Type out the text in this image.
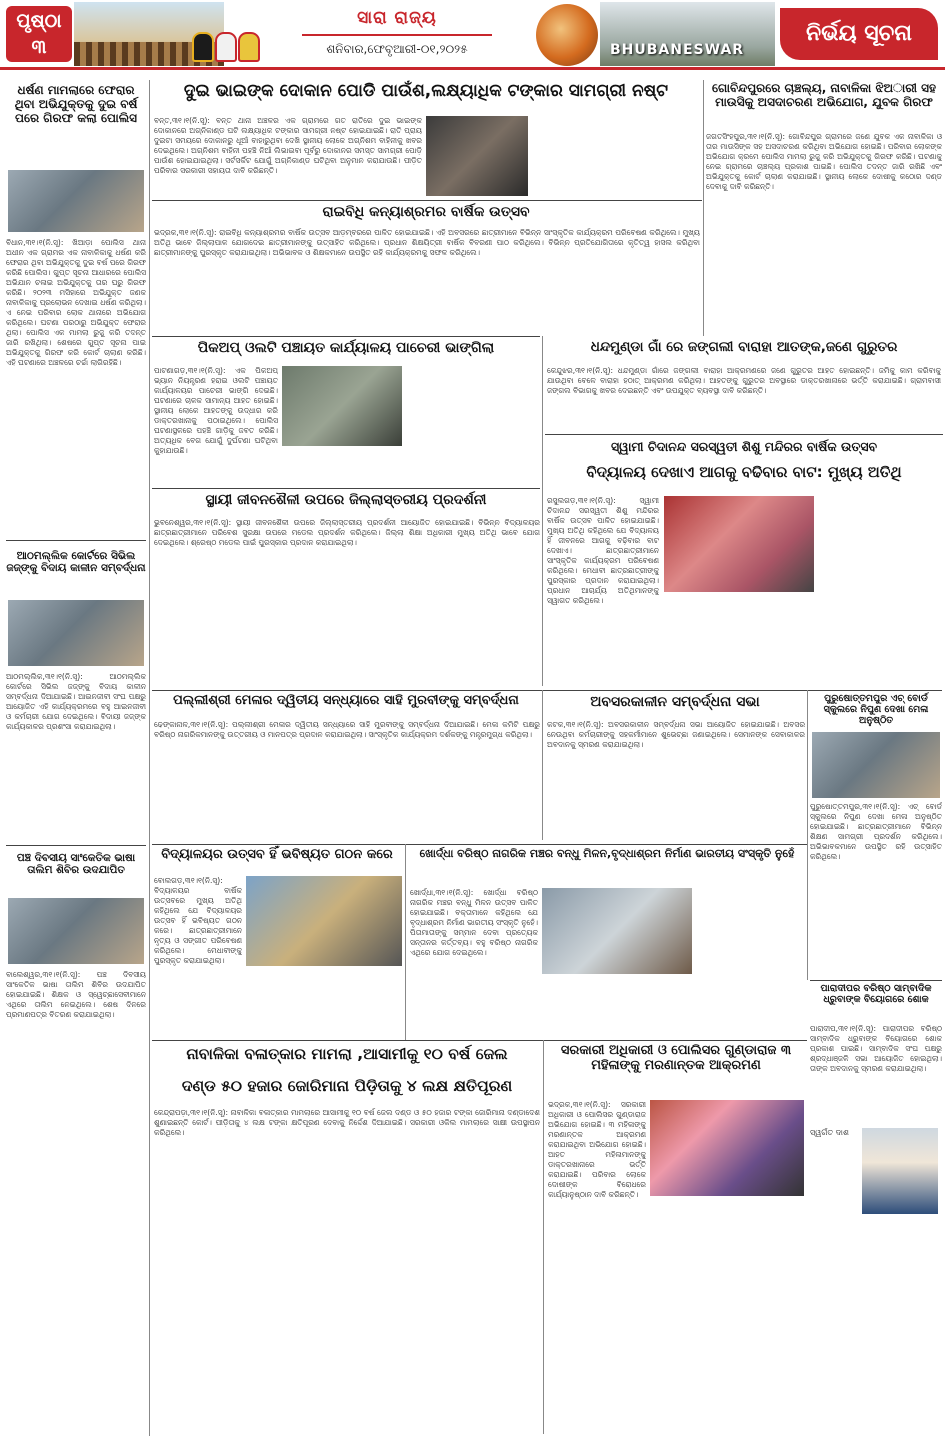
ପୃଷ୍ଠା
୩
ସାରା ରାଜ୍ୟ
ଶନିବାର,ଫେବୃଆରୀ-୦୧,୨୦୨୫	BHUBANESWAR
ନିର୍ଭୟ ସୂଚନା
ଧର୍ଷଣ ମାମଲାରେ ଫେରାର ଥିବା ଅଭିଯୁକ୍ତକୁ ଦୁଇ ବର୍ଷ ପରେ ଗିରଫ କଲା ପୋଲିସ
ବିଧାନ,୩୧।୧(ନି.ସୂ): ଖିଆଡ଼ା ପୋଲିସ ଥାନା ଅଧୀନ ଏକ ଗ୍ରାମର ଏକ ନାବାଳିକାକୁ ଧର୍ଷଣ କରି ଫେରାର ଥିବା ଅଭିଯୁକ୍ତକୁ ଦୁଇ ବର୍ଷ ପରେ ଗିରଫ କରିଛି ପୋଲିସ। ଗୁପ୍ତ ସୂଚନା ଆଧାରରେ ପୋଲିସ ଅଭିଯାନ ଚଳାଇ ଅଭିଯୁକ୍ତକୁ ତାର ଘରୁ ଗିରଫ କରିଛି। ୨୦୨୩ ମସିହାରେ ଅଭିଯୁକ୍ତ ଜଣକ ନାବାଳିକାକୁ ପ୍ରଲୋଭନ ଦେଖାଇ ଧର୍ଷଣ କରିଥିଲା। ଏ ନେଇ ପରିବାର ଲୋକ ଥାନାରେ ଅଭିଯୋଗ କରିଥିଲେ। ଘଟଣା ପରଠାରୁ ଅଭିଯୁକ୍ତ ଫେରାର ଥିଲା। ପୋଲିସ ଏକ ମାମଲା ରୁଜୁ କରି ତଦନ୍ତ ଜାରି ରଖିଥିଲା। ଶେଷରେ ଗୁପ୍ତ ସୂଚନା ପାଇ ଅଭିଯୁକ୍ତକୁ ଗିରଫ କରି କୋର୍ଟ ଚାଲାଣ କରିଛି। ଏହି ଘଟଣାରେ ଅଞ୍ଚଳରେ ଚର୍ଚ୍ଚା ଲାଗିରହିଛି।
ଆଠମଲ୍ଲିକ କୋର୍ଟରେ ସିଭିଲ ଜଜ୍‌ଙ୍କୁ ବିଦାୟ କାଳୀନ ସମ୍ବର୍ଦ୍ଧନା
ଆଠମଲ୍ଲିକ,୩୧।୧(ନି.ସୂ): ଆଠମଲ୍ଲିକ କୋର୍ଟରେ ସିଭିଲ ଜଜ୍‌ଙ୍କୁ ବିଦାୟ କାଳୀନ ସମ୍ବର୍ଦ୍ଧନା ଦିଆଯାଇଛି। ଆଇନଜୀବୀ ସଂଘ ପକ୍ଷରୁ ଆୟୋଜିତ ଏହି କାର୍ଯ୍ୟକ୍ରମରେ ବହୁ ଆଇନଜୀବୀ ଓ କର୍ମଚାରୀ ଯୋଗ ଦେଇଥିଲେ। ବିଦାୟୀ ଜଜ୍‌ଙ୍କ କାର୍ଯ୍ୟକାଳର ପ୍ରଶଂସା କରାଯାଇଥିଲା।
ପଞ୍ଚ ଦିବସୀୟ ସାଂକେତିକ ଭାଷା ତାଲିମ ଶିବିର ଉଦଯାପିତ
ବାଲେଶ୍ୱର,୩୧।୧(ନି.ସୂ): ପଞ୍ଚ ଦିବସୀୟ ସାଂକେତିକ ଭାଷା ତାଲିମ ଶିବିର ଉଦଯାପିତ ହୋଇଯାଇଛି। ଶିକ୍ଷକ ଓ ସ୍ୱେଚ୍ଛାସେବୀମାନେ ଏଥିରେ ତାଲିମ ନେଇଥିଲେ। ଶେଷ ଦିନରେ ପ୍ରମାଣପତ୍ର ବିତରଣ କରାଯାଇଥିଲା।
ଦୁଇ ଭାଇଙ୍କ ଦୋକାନ ପୋଡି ପାଉଁଶ,ଲକ୍ଷ୍ୟାଧିକ ଟଙ୍କାର ସାମଗ୍ରୀ ନଷ୍ଟ
ବନ୍ତ,୩୧।୧(ନି.ସୂ): ବନ୍ତ ଥାନା ଅଞ୍ଚଳର ଏକ ଗ୍ରାମରେ ଗତ ରାତିରେ ଦୁଇ ଭାଇଙ୍କ ଦୋକାନରେ ଅଗ୍ନିକାଣ୍ଡ ଘଟି ଲକ୍ଷ୍ୟାଧିକ ଟଙ୍କାର ସାମଗ୍ରୀ ନଷ୍ଟ ହୋଇଯାଇଛି। ରାତି ପ୍ରାୟ ଦୁଇଟା ସମୟରେ ଦୋକାନରୁ ଧୂଆଁ ବାହାରୁଥିବା ଦେଖି ସ୍ଥାନୀୟ ଲୋକେ ଅଗ୍ନିଶମ ବାହିନୀକୁ ଖବର ଦେଇଥିଲେ। ଅଗ୍ନିଶମ ବାହିନୀ ପହଞ୍ଚି ନିଆଁ ଲିଭାଇବା ପୂର୍ବରୁ ଦୋକାନର ସମସ୍ତ ସାମଗ୍ରୀ ପୋଡ଼ି ପାଉଁଶ ହୋଇଯାଇଥିଲା। ସର୍ଟସର୍କିଟ ଯୋଗୁଁ ଅଗ୍ନିକାଣ୍ଡ ଘଟିଥିବା ଅନୁମାନ କରାଯାଉଛି। ପୀଡ଼ିତ ପରିବାର ସରକାରୀ ସହାୟତା ଦାବି କରିଛନ୍ତି।
ରାଇବିଧି କନ୍ୟାଶ୍ରମର ବାର୍ଷିକ ଉତ୍ସବ
ଭଦ୍ରକ,୩୧।୧(ନି.ସୂ): ରାଇବିଧି କନ୍ୟାଶ୍ରମର ବାର୍ଷିକ ଉତ୍ସବ ଆଡ଼ମ୍ବରରେ ପାଳିତ ହୋଇଯାଇଛି। ଏହି ଅବସରରେ ଛାତ୍ରୀମାନେ ବିଭିନ୍ନ ସାଂସ୍କୃତିକ କାର୍ଯ୍ୟକ୍ରମ ପରିବେଷଣ କରିଥିଲେ। ମୁଖ୍ୟ ଅତିଥି ଭାବେ ଜିଲ୍ଲାପାଳ ଯୋଗଦେଇ ଛାତ୍ରୀମାନଙ୍କୁ ଉତ୍ସାହିତ କରିଥିଲେ। ପ୍ରଧାନ ଶିକ୍ଷୟିତ୍ରୀ ବାର୍ଷିକ ବିବରଣୀ ପାଠ କରିଥିଲେ। ବିଭିନ୍ନ ପ୍ରତିଯୋଗିତାରେ କୃତିତ୍ୱ ହାସଲ କରିଥିବା ଛାତ୍ରୀମାନଙ୍କୁ ପୁରସ୍କୃତ କରାଯାଇଥିଲା। ଅଭିଭାବକ ଓ ଶିକ୍ଷକମାନେ ଉପସ୍ଥିତ ରହି କାର୍ଯ୍ୟକ୍ରମକୁ ସଫଳ କରିଥିଲେ।
ପିକଅପ୍ ଓଲଟି ପଞ୍ଚାୟତ କାର୍ଯ୍ୟାଳୟ ପାଚେରୀ ଭାଙ୍ଗିଲା
ପାଟଣାଗଡ଼,୩୧।୧(ନି.ସୂ): ଏକ ପିକଅପ୍ ଭ୍ୟାନ ନିୟନ୍ତ୍ରଣ ହରାଇ ଓଲଟି ପଞ୍ଚାୟତ କାର୍ଯ୍ୟାଳୟର ପାଚେରୀ ଭାଙ୍ଗି ଦେଇଛି। ଘଟଣାରେ ଚାଳକ ସାମାନ୍ୟ ଆହତ ହୋଇଛି। ସ୍ଥାନୀୟ ଲୋକେ ଆହତଙ୍କୁ ଉଦ୍ଧାର କରି ଡାକ୍ତରଖାନାକୁ ପଠାଇଥିଲେ। ପୋଲିସ ଘଟଣାସ୍ଥଳରେ ପହଞ୍ଚି ଗାଡ଼ିକୁ ଜବତ କରିଛି। ଅତ୍ୟଧିକ ବେଗ ଯୋଗୁଁ ଦୁର୍ଘଟଣା ଘଟିଥିବା କୁହାଯାଉଛି।
ସ୍ଥାୟୀ ଜୀବନଶୈଳୀ ଉପରେ ଜିଲ୍ଲାସ୍ତରୀୟ ପ୍ରଦର୍ଶନୀ
ଭୁବନେଶ୍ୱର,୩୧।୧(ନି.ସୂ): ସ୍ଥାୟୀ ଜୀବନଶୈଳୀ ଉପରେ ଜିଲ୍ଲାସ୍ତରୀୟ ପ୍ରଦର୍ଶନୀ ଆୟୋଜିତ ହୋଇଯାଇଛି। ବିଭିନ୍ନ ବିଦ୍ୟାଳୟର ଛାତ୍ରଛାତ୍ରୀମାନେ ପରିବେଶ ସୁରକ୍ଷା ଉପରେ ମଡେଲ ପ୍ରଦର୍ଶନ କରିଥିଲେ। ଜିଲ୍ଲା ଶିକ୍ଷା ଅଧିକାରୀ ମୁଖ୍ୟ ଅତିଥି ଭାବେ ଯୋଗ ଦେଇଥିଲେ। ଶ୍ରେଷ୍ଠ ମଡେଲ ପାଇଁ ପୁରସ୍କାର ପ୍ରଦାନ କରାଯାଇଥିଲା।
ଗୋବିନ୍ଦପୁରରେ ଚାଞ୍ଚଲ୍ୟ, ନାବାଳିକା ଝିଅାରୀ ସହ ମାଉସିକୁ ଅସଦାଚରଣ ଅଭିଯୋଗ, ଯୁବକ ଗିରଫ
ଜଗତସିଂହପୁର,୩୧।୧(ନି.ସୂ): ଗୋବିନ୍ଦପୁର ଗ୍ରାମରେ ଜଣେ ଯୁବକ ଏକ ନାବାଳିକା ଓ ତାର ମାଉସିଙ୍କ ସହ ଅସଦାଚରଣ କରିଥିବା ଅଭିଯୋଗ ହୋଇଛି। ପରିବାର ଲୋକଙ୍କ ଅଭିଯୋଗ କ୍ରମେ ପୋଲିସ ମାମଲା ରୁଜୁ କରି ଅଭିଯୁକ୍ତକୁ ଗିରଫ କରିଛି। ଘଟଣାକୁ ନେଇ ଗ୍ରାମରେ ଚାଞ୍ଚଲ୍ୟ ପ୍ରକାଶ ପାଇଛି। ପୋଲିସ ତଦନ୍ତ ଜାରି ରଖିଛି ଏବଂ ଅଭିଯୁକ୍ତକୁ କୋର୍ଟ ଚାଲାଣ କରାଯାଇଛି। ସ୍ଥାନୀୟ ଲୋକେ ଦୋଷୀକୁ କଠୋର ଦଣ୍ଡ ଦେବାକୁ ଦାବି କରିଛନ୍ତି।
ଧନ୍ଦମୁଣ୍ଡା ଗାଁ ରେ ଜଙ୍ଗଲୀ ବାରାହା ଆତଙ୍କ,ଜଣେ ଗୁରୁତର
କେନ୍ଦୁଝର,୩୧।୧(ନି.ସୂ): ଧନ୍ଦମୁଣ୍ଡା ଗାଁରେ ଜଙ୍ଗଲୀ ବାରାହା ଆକ୍ରମଣରେ ଜଣେ ଗୁରୁତର ଆହତ ହୋଇଛନ୍ତି। ଜମିକୁ କାମ କରିବାକୁ ଯାଉଥିବା ବେଳେ ବାରାହା ହଠାତ୍ ଆକ୍ରମଣ କରିଥିଲା। ଆହତଙ୍କୁ ଗୁରୁତର ଅବସ୍ଥାରେ ଡାକ୍ତରଖାନାରେ ଭର୍ତ୍ତି କରାଯାଇଛି। ଗ୍ରାମବାସୀ ଜଙ୍ଗଲ ବିଭାଗକୁ ଖବର ଦେଇଛନ୍ତି ଏବଂ ଉପଯୁକ୍ତ ବ୍ୟବସ୍ଥା ଦାବି କରିଛନ୍ତି।
ସ୍ୱାମୀ ଚିଦାନନ୍ଦ ସରସ୍ୱତୀ ଶିଶୁ ମନ୍ଦିରର ବାର୍ଷିକ ଉତ୍ସବ
ବିଦ୍ୟାଳୟ ଦେଖାଏ ଆଗକୁ ବଢିବାର ବାଟ: ମୁଖ୍ୟ ଅତିଥି
ରସୁଲଗଡ଼,୩୧।୧(ନି.ସୂ): ସ୍ୱାମୀ ଚିଦାନନ୍ଦ ସରସ୍ୱତୀ ଶିଶୁ ମନ୍ଦିରର ବାର୍ଷିକ ଉତ୍ସବ ପାଳିତ ହୋଇଯାଇଛି। ମୁଖ୍ୟ ଅତିଥି କହିଥିଲେ ଯେ ବିଦ୍ୟାଳୟ ହିଁ ଜୀବନରେ ଆଗକୁ ବଢ଼ିବାର ବାଟ ଦେଖାଏ। ଛାତ୍ରଛାତ୍ରୀମାନେ ସାଂସ୍କୃତିକ କାର୍ଯ୍ୟକ୍ରମ ପରିବେଷଣ କରିଥିଲେ। ମେଧାବୀ ଛାତ୍ରଛାତ୍ରୀଙ୍କୁ ପୁରସ୍କାର ପ୍ରଦାନ କରାଯାଇଥିଲା। ପ୍ରଧାନ ଆଚାର୍ଯ୍ୟ ଅତିଥିମାନଙ୍କୁ ସ୍ୱାଗତ କରିଥିଲେ।
ପଲ୍ଲୀଶ୍ରୀ ମେଳାର ଦ୍ୱିତୀୟ ସନ୍ଧ୍ୟାରେ ସାହି ମୁରବୀଙ୍କୁ ସମ୍ବର୍ଦ୍ଧନା
ଢେଙ୍କାନାଳ,୩୧।୧(ନି.ସୂ): ପଲ୍ଲୀଶ୍ରୀ ମେଳାର ଦ୍ୱିତୀୟ ସନ୍ଧ୍ୟାରେ ସାହି ମୁରବୀଙ୍କୁ ସମ୍ବର୍ଦ୍ଧନା ଦିଆଯାଇଛି। ମେଳା କମିଟି ପକ୍ଷରୁ ବରିଷ୍ଠ ନାଗରିକମାନଙ୍କୁ ଉତ୍ତରୀୟ ଓ ମାନପତ୍ର ପ୍ରଦାନ କରାଯାଇଥିଲା। ସାଂସ୍କୃତିକ କାର୍ଯ୍ୟକ୍ରମ ଦର୍ଶକଙ୍କୁ ମନ୍ତ୍ରମୁଗ୍ଧ କରିଥିଲା।
ଅବସରକାଳୀନ ସମ୍ବର୍ଦ୍ଧନା ସଭା
କଟକ,୩୧।୧(ନି.ସୂ): ଅବସରକାଳୀନ ସମ୍ବର୍ଦ୍ଧନା ସଭା ଆୟୋଜିତ ହୋଇଯାଇଛି। ଅବସର ନେଉଥିବା କର୍ମଚାରୀଙ୍କୁ ସହକର୍ମୀମାନେ ଶୁଭେଚ୍ଛା ଜଣାଇଥିଲେ। ସେମାନଙ୍କ ସେବାକାଳର ଅବଦାନକୁ ସ୍ମରଣ କରାଯାଇଥିଲା।
ପୁରୁଷୋତ୍ତମପୁର ଏଚ୍ ବୋର୍ଡ ସ୍କୁଲରେ ନିପୁଣ ଦେଖା ମେଳା ଅନୁଷ୍ଠିତ
ପୁରୁଷୋତ୍ତମପୁର,୩୧।୧(ନି.ସୂ): ଏଚ୍ ବୋର୍ଡ ସ୍କୁଲରେ ନିପୁଣ ଦେଖା ମେଳା ଅନୁଷ୍ଠିତ ହୋଇଯାଇଛି। ଛାତ୍ରଛାତ୍ରୀମାନେ ବିଭିନ୍ନ ଶିକ୍ଷଣ ସାମଗ୍ରୀ ପ୍ରଦର୍ଶନ କରିଥିଲେ। ଅଭିଭାବକମାନେ ଉପସ୍ଥିତ ରହି ଉତ୍ସାହିତ କରିଥିଲେ।
ବିଦ୍ୟାଳୟର ଉତ୍ସବ ହିଁ ଭବିଷ୍ୟତ ଗଠନ କରେ
ବୋଲଗଡ଼,୩୧।୧(ନି.ସୂ): ବିଦ୍ୟାଳୟର ବାର୍ଷିକ ଉତ୍ସବରେ ମୁଖ୍ୟ ଅତିଥି କହିଥିଲେ ଯେ ବିଦ୍ୟାଳୟର ଉତ୍ସବ ହିଁ ଭବିଷ୍ୟତ ଗଠନ କରେ। ଛାତ୍ରଛାତ୍ରୀମାନେ ନୃତ୍ୟ ଓ ସଙ୍ଗୀତ ପରିବେଷଣ କରିଥିଲେ। ମେଧାବୀଙ୍କୁ ପୁରସ୍କୃତ କରାଯାଇଥିଲା।
ଖୋର୍ଦ୍ଧା ବରିଷ୍ଠ ନାଗରିକ ମଞ୍ଚର ବନ୍ଧୁ ମିଳନ,ବୃଦ୍ଧାଶ୍ରମ ନିର୍ମାଣ ଭାରତୀୟ ସଂସ୍କୃତି ନୁହେଁ
ଖୋର୍ଦ୍ଧା,୩୧।୧(ନି.ସୂ): ଖୋର୍ଦ୍ଧା ବରିଷ୍ଠ ନାଗରିକ ମଞ୍ଚର ବନ୍ଧୁ ମିଳନ ଉତ୍ସବ ପାଳିତ ହୋଇଯାଇଛି। ବକ୍ତାମାନେ କହିଥିଲେ ଯେ ବୃଦ୍ଧାଶ୍ରମ ନିର୍ମାଣ ଭାରତୀୟ ସଂସ୍କୃତି ନୁହେଁ। ପିତାମାତାଙ୍କୁ ସମ୍ମାନ ଦେବା ପ୍ରତ୍ୟେକ ସନ୍ତାନର କର୍ତ୍ତବ୍ୟ। ବହୁ ବରିଷ୍ଠ ନାଗରିକ ଏଥିରେ ଯୋଗ ଦେଇଥିଲେ।
ପାରାଦୀପର ବରିଷ୍ଠ ସାମ୍ବାଦିକ ଧ୍ରୁବାଙ୍କ ବିୟୋଗରେ ଶୋକ
ପାରାଦୀପ,୩୧।୧(ନି.ସୂ): ପାରାଦୀପର ବରିଷ୍ଠ ସାମ୍ବାଦିକ ଧ୍ରୁବାଙ୍କ ବିୟୋଗରେ ଶୋକ ପ୍ରକାଶ ପାଇଛି। ସାମ୍ବାଦିକ ସଂଘ ପକ୍ଷରୁ ଶ୍ରଦ୍ଧାଞ୍ଜଳି ସଭା ଆୟୋଜିତ ହୋଇଥିଲା। ତାଙ୍କ ଅବଦାନକୁ ସ୍ମରଣ କରାଯାଇଥିଲା।
ସ୍ୱର୍ଗତ ଦାଶ
ନାବାଳିକା ବଳାତ୍କାର ମାମଲା ,ଆସାମୀକୁ ୧୦ ବର୍ଷ ଜେଲ
ଦଣ୍ଡ ୫୦ ହଜାର ଜୋରିମାନା ପିଡ଼ିତାକୁ ୪ ଲକ୍ଷ କ୍ଷତିପୂରଣ
କେନ୍ଦ୍ରାପଡ଼ା,୩୧।୧(ନି.ସୂ): ନାବାଳିକା ବଳାତ୍କାର ମାମଲାରେ ଆସାମୀକୁ ୧୦ ବର୍ଷ ଜେଲ ଦଣ୍ଡ ଓ ୫୦ ହଜାର ଟଙ୍କା ଜୋରିମାନା ଦଣ୍ଡାଦେଶ ଶୁଣାଇଛନ୍ତି କୋର୍ଟ। ପୀଡ଼ିତାକୁ ୪ ଲକ୍ଷ ଟଙ୍କା କ୍ଷତିପୂରଣ ଦେବାକୁ ନିର୍ଦ୍ଦେଶ ଦିଆଯାଇଛି। ସରକାରୀ ଓକିଲ ମାମଲାରେ ସାକ୍ଷୀ ଉପସ୍ଥାପନ କରିଥିଲେ।
ସରକାରୀ ଅଧିକାରୀ ଓ ପୋଲିସର ଗୁଣ୍ଡାରାଜ ୩ ମହିଳାଙ୍କୁ ମରଣାନ୍ତକ ଆକ୍ରମଣ
ଭଦ୍ରକ,୩୧।୧(ନି.ସୂ): ସରକାରୀ ଅଧିକାରୀ ଓ ପୋଲିସର ଗୁଣ୍ଡାରାଜ ଅଭିଯୋଗ ହୋଇଛି। ୩ ମହିଳାଙ୍କୁ ମରଣାନ୍ତକ ଆକ୍ରମଣ କରାଯାଇଥିବା ଅଭିଯୋଗ ହୋଇଛି। ଆହତ ମହିଳାମାନଙ୍କୁ ଡାକ୍ତରଖାନାରେ ଭର୍ତ୍ତି କରାଯାଇଛି। ପରିବାର ଲୋକେ ଦୋଷୀଙ୍କ ବିରୋଧରେ କାର୍ଯ୍ୟାନୁଷ୍ଠାନ ଦାବି କରିଛନ୍ତି।
